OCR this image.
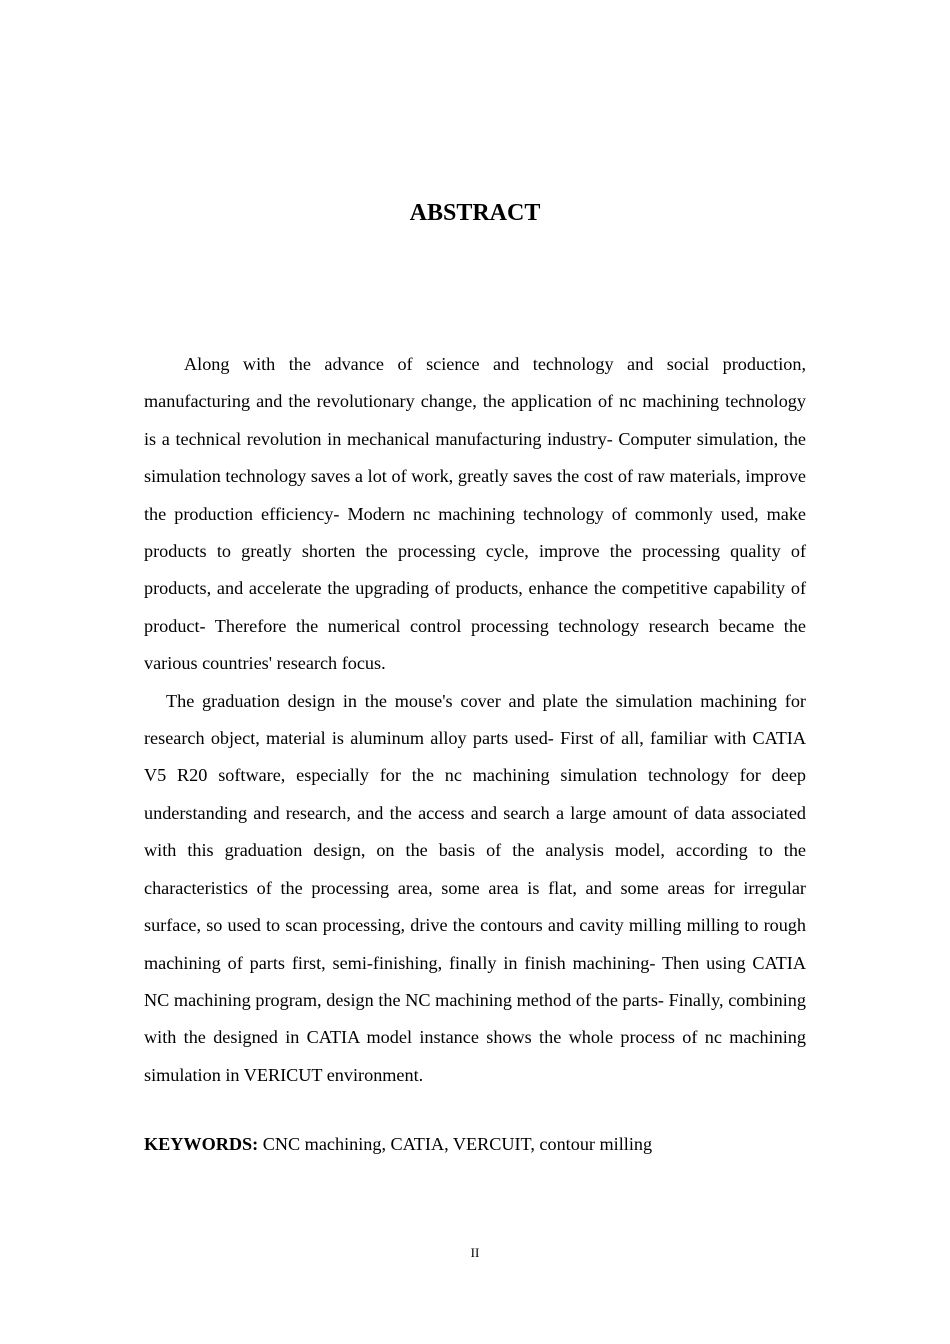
ABSTRACT

Along with the advance of science and technology and social production, manufacturing and the revolutionary change, the application of nc machining technology is a technical revolution in mechanical manufacturing industry- Computer simulation, the simulation technology saves a lot of work, greatly saves the cost of raw materials, improve the production efficiency- Modern nc machining technology of commonly used, make products to greatly shorten the processing cycle, improve the processing quality of products, and accelerate the upgrading of products, enhance the competitive capability of product- Therefore the numerical control processing technology research became the various countries' research focus.

The graduation design in the mouse's cover and plate the simulation machining for research object, material is aluminum alloy parts used- First of all, familiar with CATIA V5 R20 software, especially for the nc machining simulation technology for deep understanding and research, and the access and search a large amount of data associated with this graduation design, on the basis of the analysis model, according to the characteristics of the processing area, some area is flat, and some areas for irregular surface, so used to scan processing, drive the contours and cavity milling milling to rough machining of parts first, semi-finishing, finally in finish machining- Then using CATIA NC machining program, design the NC machining method of the parts- Finally, combining with the designed in CATIA model instance shows the whole process of nc machining simulation in VERICUT environment.

KEYWORDS: CNC machining, CATIA, VERCUIT, contour milling

II
